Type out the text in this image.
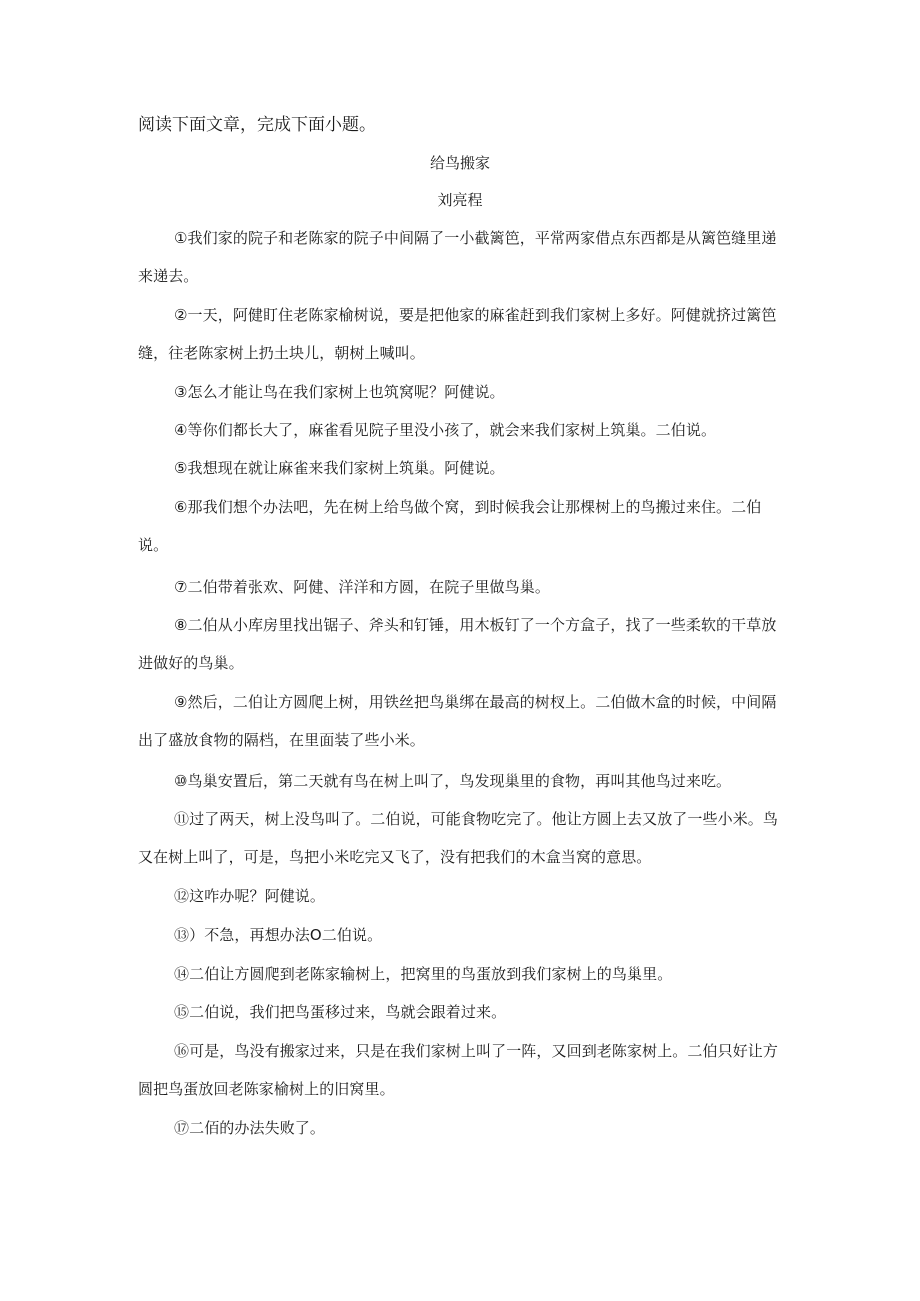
阅读下面文章，完成下面小题。
给鸟搬家
刘亮程
①我们家的院子和老陈家的院子中间隔了一小截篱笆，平常两家借点东西都是从篱笆缝里递来递去。
②一天，阿健盯住老陈家榆树说，要是把他家的麻雀赶到我们家树上多好。阿健就挤过篱笆缝，往老陈家树上扔土块儿，朝树上喊叫。
③怎么才能让鸟在我们家树上也筑窝呢？阿健说。
④等你们都长大了，麻雀看见院子里没小孩了，就会来我们家树上筑巢。二伯说。
⑤我想现在就让麻雀来我们家树上筑巢。阿健说。
⑥那我们想个办法吧，先在树上给鸟做个窝，到时候我会让那棵树上的鸟搬过来住。二伯说。
⑦二伯带着张欢、阿健、洋洋和方圆，在院子里做鸟巢。
⑧二伯从小库房里找出锯子、斧头和钉锤，用木板钉了一个方盒子，找了一些柔软的干草放进做好的鸟巢。
⑨然后，二伯让方圆爬上树，用铁丝把鸟巢绑在最高的树杈上。二伯做木盒的时候，中间隔出了盛放食物的隔档，在里面装了些小米。
⑩鸟巢安置后，第二天就有鸟在树上叫了，鸟发现巢里的食物，再叫其他鸟过来吃。
⑪过了两天，树上没鸟叫了。二伯说，可能食物吃完了。他让方圆上去又放了一些小米。鸟又在树上叫了，可是，鸟把小米吃完又飞了，没有把我们的木盒当窝的意思。
⑫这咋办呢？阿健说。
⑬）不急，再想办法O二伯说。
⑭二伯让方圆爬到老陈家输树上，把窝里的鸟蛋放到我们家树上的鸟巢里。
⑮二伯说，我们把鸟蛋移过来，鸟就会跟着过来。
⑯可是，鸟没有搬家过来，只是在我们家树上叫了一阵，又回到老陈家树上。二伯只好让方圆把鸟蛋放回老陈家榆树上的旧窝里。
⑰二佰的办法失败了。
